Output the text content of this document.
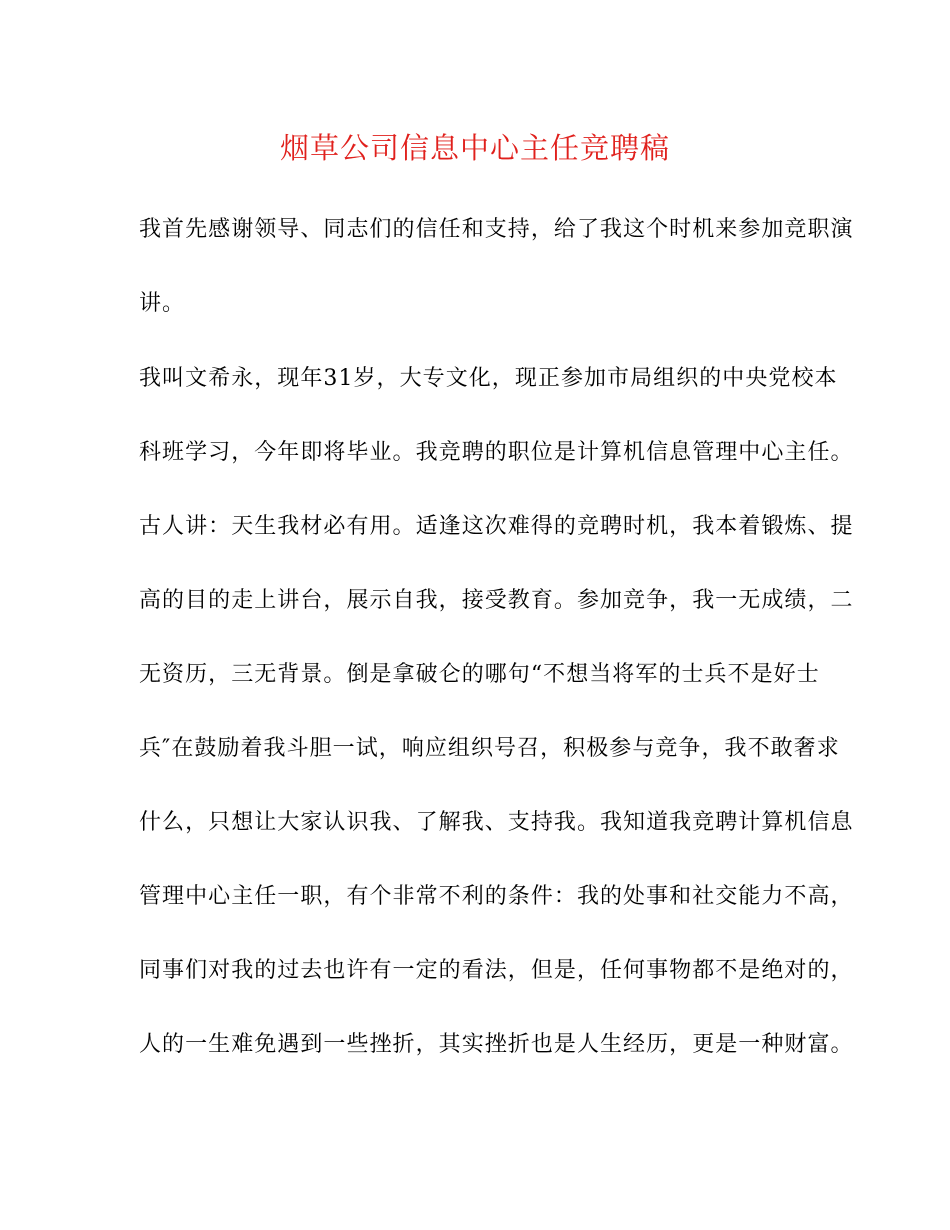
烟草公司信息中心主任竞聘稿
我首先感谢领导、同志们的信任和支持，给了我这个时机来参加竞职演
讲。
我叫文希永，现年31岁，大专文化，现正参加市局组织的中央党校本
科班学习，今年即将毕业。我竞聘的职位是计算机信息管理中心主任。
古人讲：天生我材必有用。适逢这次难得的竞聘时机，我本着锻炼、提
高的目的走上讲台，展示自我，接受教育。参加竞争，我一无成绩，二
无资历，三无背景。倒是拿破仑的哪句“不想当将军的士兵不是好士
兵″在鼓励着我斗胆一试，响应组织号召，积极参与竞争，我不敢奢求
什么，只想让大家认识我、了解我、支持我。我知道我竞聘计算机信息
管理中心主任一职，有个非常不利的条件：我的处事和社交能力不高，
同事们对我的过去也许有一定的看法，但是，任何事物都不是绝对的，
人的一生难免遇到一些挫折，其实挫折也是人生经历，更是一种财富。
